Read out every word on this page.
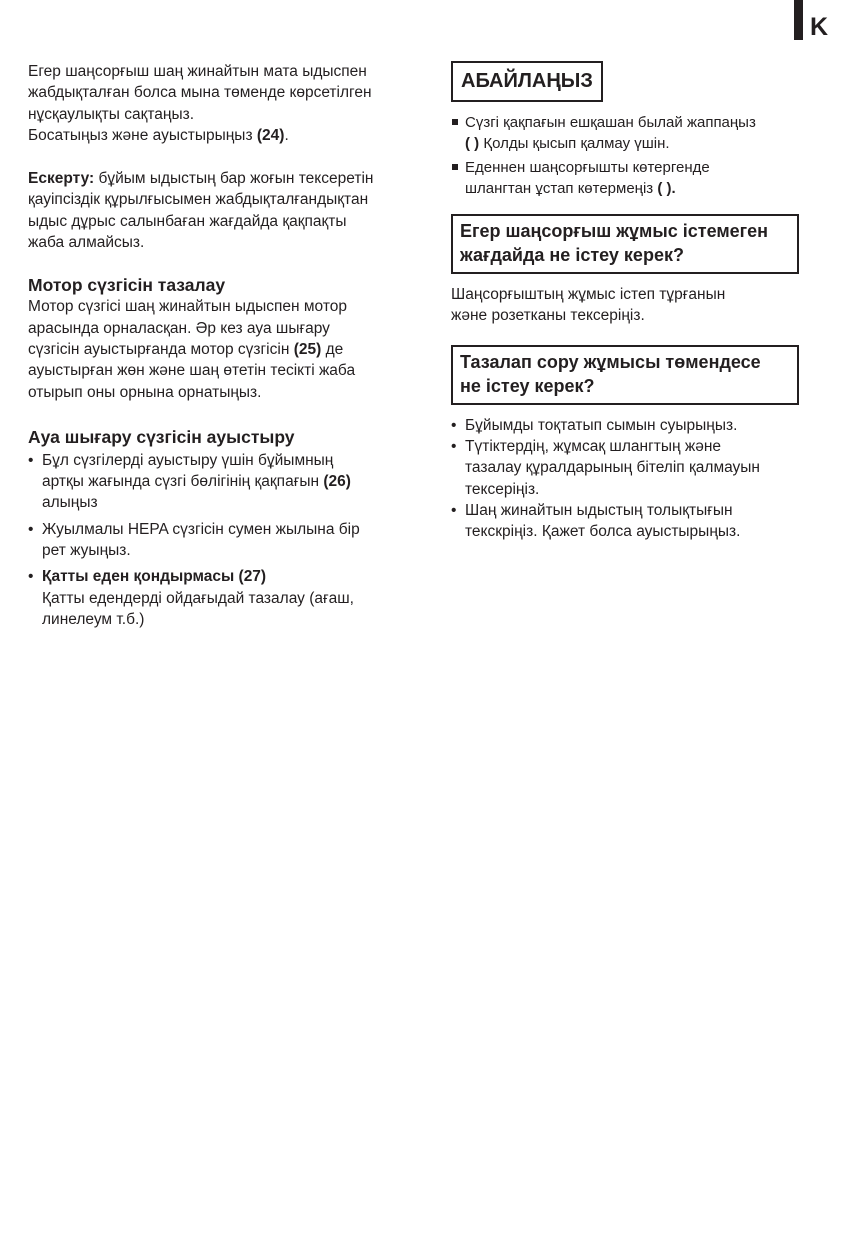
K

Егер шаңсорғыш шаң жинайтын мата ыдыспен
жабдықталған болса мына төменде көрсетілген
нұсқаулықты сақтаңыз.
Босатыңыз және ауыстырыңыз (24).

Ескерту: бұйым ыдыстың бар жоғын тексеретін
қауіпсіздік құрылғысымен жабдықталғандықтан
ыдыс дұрыс салынбаған жағдайда қақпақты
жаба алмайсыз.

Мотор сүзгісін тазалау

Мотор сүзгісі шаң жинайтын ыдыспен мотор
арасында орналасқан. Әр кез ауа шығару
сүзгісін ауыстырғанда мотор сүзгісін (25) де
ауыстырған жөн және шаң өтетін тесікті жаба
отырып оны орнына орнатыңыз.

Ауа шығару сүзгісін ауыстыру
• Бұл сүзгілерді ауыстыру үшін бұйымның
артқы жағында сүзгі бөлігінің қақпағын (26)
алыңыз
• Жуылмалы HEPA сүзгісін сумен жылына бір
рет жуыңыз.
• Қатты еден қондырмасы (27)
Қатты едендерді ойдағыдай тазалау (ағаш,
линелеум т.б.)
АБАЙЛАҢЫЗ
Сүзгі қақпағын ешқашан былай жаппаңыз
( ) Қолды қысып қалмау үшін.
Еденнен шаңсорғышты көтергенде
шлангтан ұстап көтермеңіз ( ).
Егер шаңсорғыш жұмыс істемеген
жағдайда не істеу керек?

Шаңсорғыштың жұмыс істеп тұрғанын
және розетканы тексеріңіз.

Тазалап сору жұмысы төмендесе
не істеу керек?
• Бұйымды тоқтатып сымын суырыңыз.
• Түтіктердің, жұмсақ шлангтың және
тазалау құралдарының бітеліп қалмауын
тексеріңіз.
• Шаң жинайтын ыдыстың толықтығын
текскріңіз. Қажет болса ауыстырыңыз.
